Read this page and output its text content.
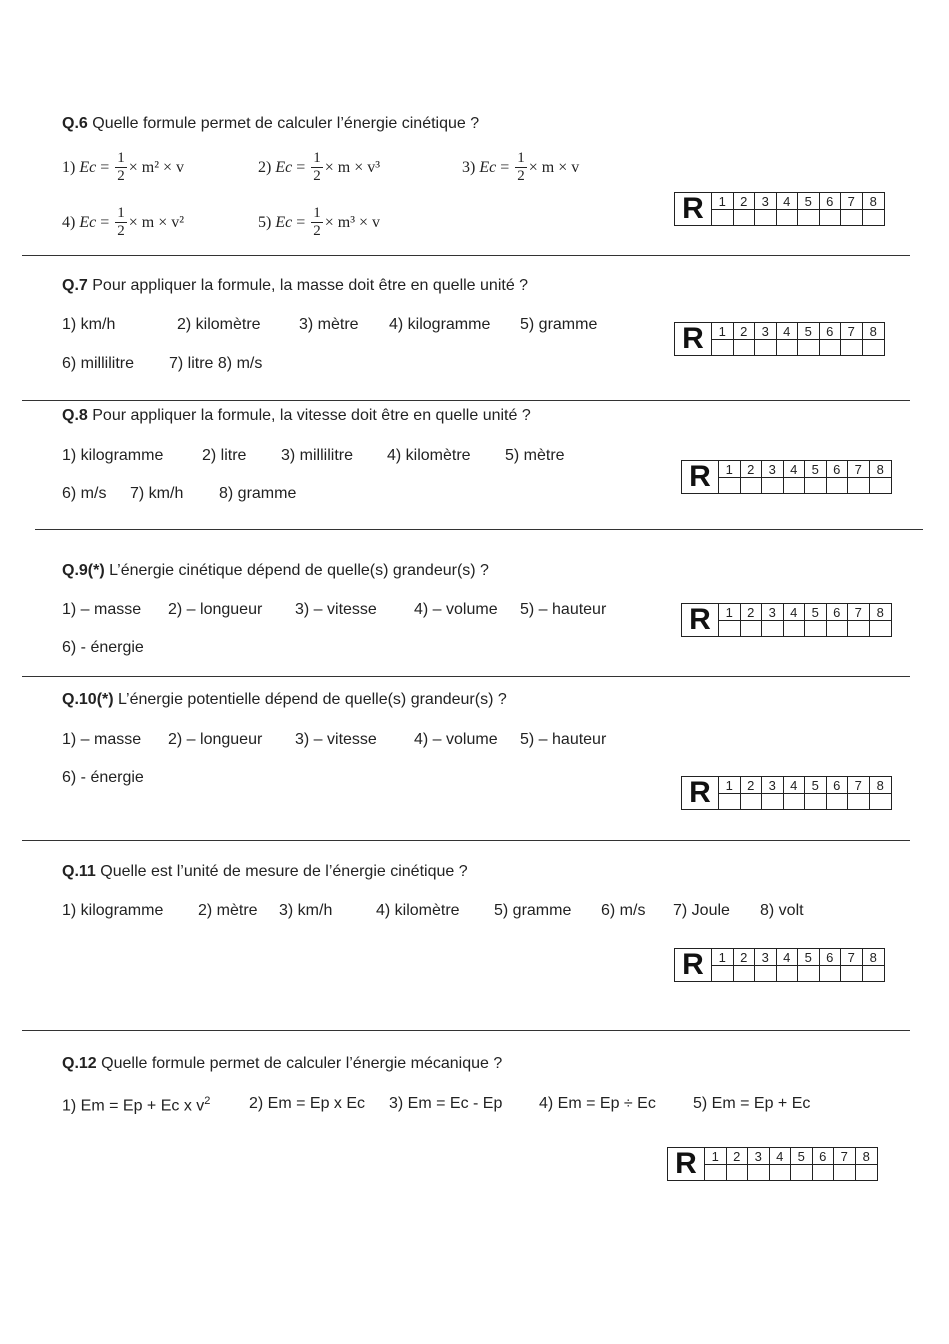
Q.6 Quelle formule permet de calculer l’énergie cinétique ?
1)
$Ec = \frac{1}{2} \times m^2 \times v$	2)
$Ec = \frac{1}{2} \times m \times v^3$	3)
$Ec = \frac{1}{2} \times m \times v$
4)
$Ec = \frac{1}{2} \times m \times v^2$	5)
$Ec = \frac{1}{2} \times m^3 \times v$	R	1	2	3	4	5	6	7	8
Q.7 Pour appliquer la formule, la masse doit être en quelle unité ?
1) km/h	2) kilomètre 3) mètre 4) kilogramme 5) gramme
6) millilitre 7) litre 8) m/s
R	1	2	3	4	5	6	7	8
Q.8 Pour appliquer la formule, la vitesse doit être en quelle unité ?
1) kilogramme 2) litre 3) millilitre 4) kilomètre 5) mètre
6) m/s 7) km/h 8) gramme
R	1	2	3	4	5	6	7	8
Q.9(*) L’énergie cinétique dépend de quelle(s) grandeur(s) ?
1) – masse 2) – longueur 3) – vitesse 4) – volume 5) – hauteur
6) - énergie
R	1	2	3	4	5	6	7	8
Q.10(*) L’énergie potentielle dépend de quelle(s) grandeur(s) ?
1) – masse 2) – longueur 3) – vitesse 4) – volume 5) – hauteur
6) - énergie	R	1	2	3	4	5	6	7	8
Q.11 Quelle est l’unité de mesure de l’énergie cinétique ?
1) kilogramme 2) mètre 3) km/h	4) kilomètre 5) gramme 6) m/s 7) Joule 8) volt
R	1	2	3	4	5	6	7	8
Q.12 Quelle formule permet de calculer l’énergie mécanique ?
1) Em = Ep + Ec x $v^2$ 2) Em = Ep x Ec 3) Em = Ec - Ep 4) Em = Ep ÷ Ec 5) Em = Ep + Ec
R	1	2	3	4	5	6	7	8
